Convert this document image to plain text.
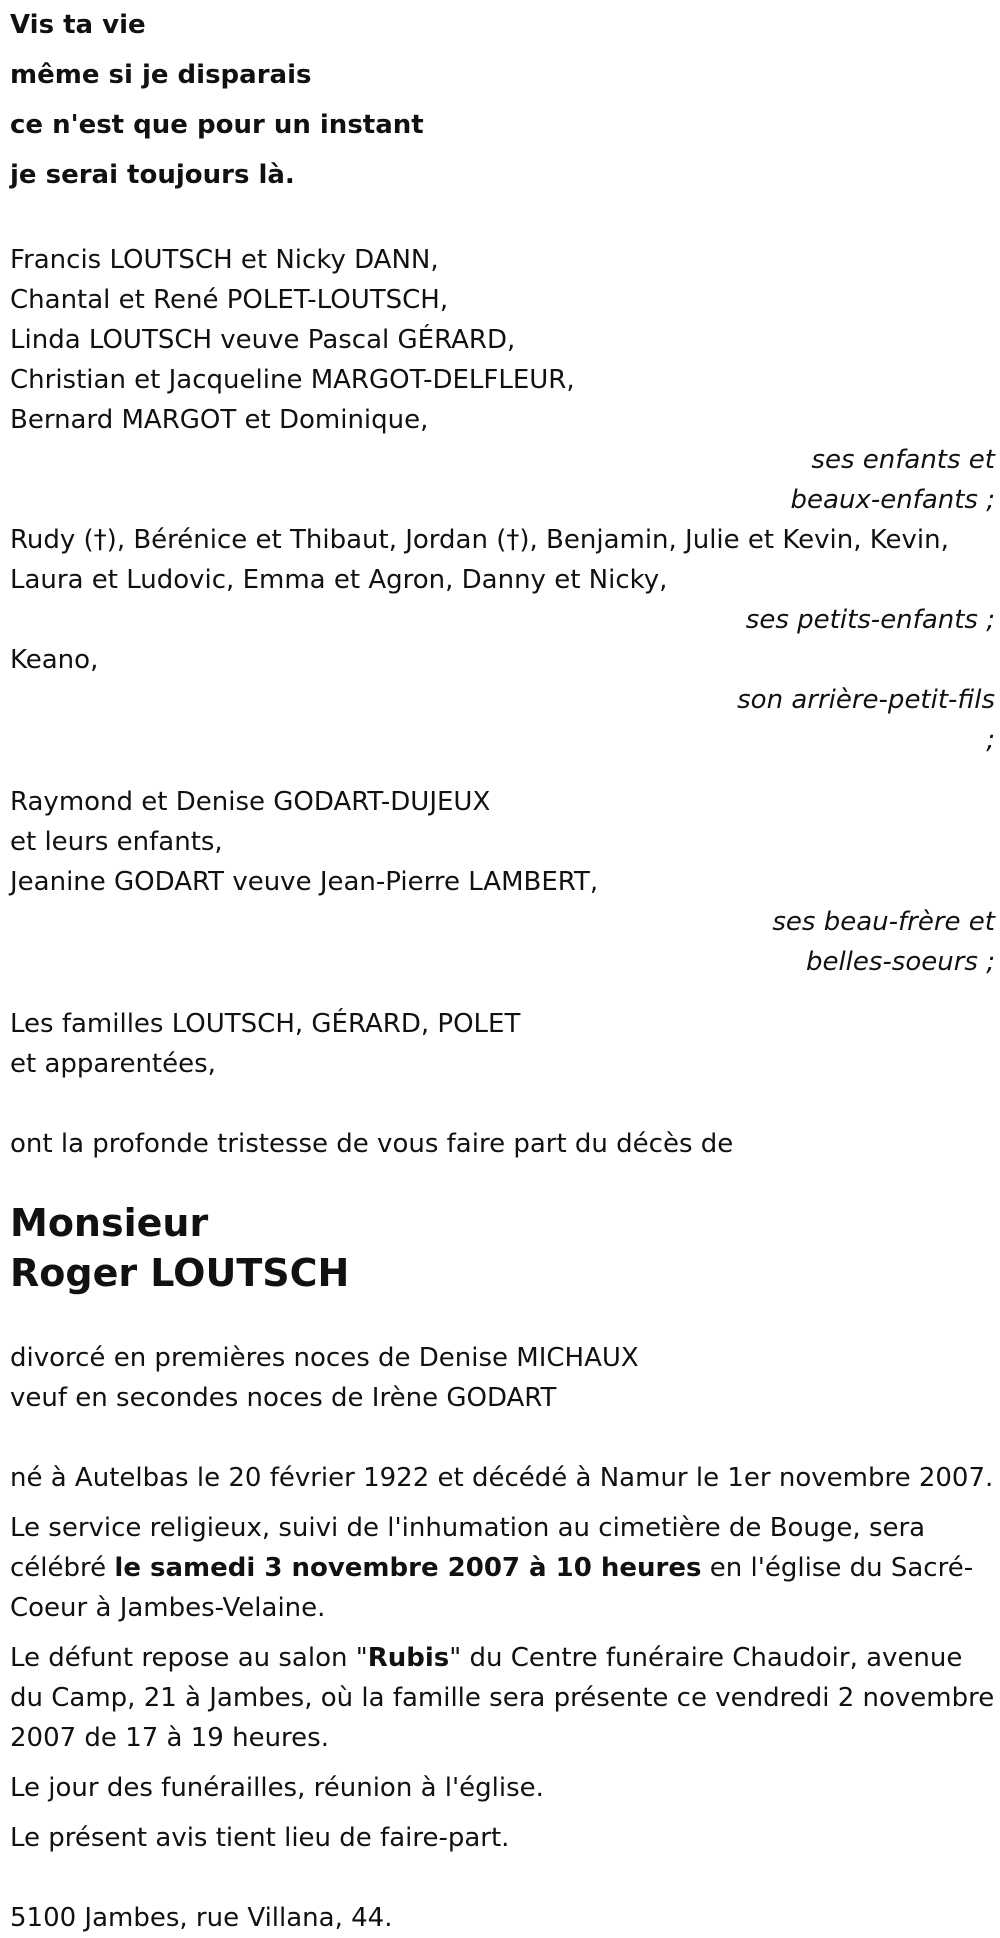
Vis ta vie
même si je disparais
ce n'est que pour un instant
je serai toujours là.
Francis LOUTSCH et Nicky DANN,
Chantal et René POLET-LOUTSCH,
Linda LOUTSCH veuve Pascal GÉRARD,
Christian et Jacqueline MARGOT-DELFLEUR,
Bernard MARGOT et Dominique,
ses enfants et
beaux-enfants ;
Rudy (†), Bérénice et Thibaut, Jordan (†), Benjamin, Julie et Kevin, Kevin,
Laura et Ludovic, Emma et Agron, Danny et Nicky,
ses petits-enfants ;
Keano,
son arrière-petit-fils
;
Raymond et Denise GODART-DUJEUX
et leurs enfants,
Jeanine GODART veuve Jean-Pierre LAMBERT,
ses beau-frère et
belles-soeurs ;
Les familles LOUTSCH, GÉRARD, POLET
et apparentées,
ont la profonde tristesse de vous faire part du décès de
Monsieur
Roger LOUTSCH
divorcé en premières noces de Denise MICHAUX
veuf en secondes noces de Irène GODART

né à Autelbas le 20 février 1922 et décédé à Namur le 1er novembre 2007.

Le service religieux, suivi de l'inhumation au cimetière de Bouge, sera célébré le samedi 3 novembre 2007 à 10 heures en l'église du Sacré-Coeur à Jambes-Velaine.

Le défunt repose au salon "Rubis" du Centre funéraire Chaudoir, avenue du Camp, 21 à Jambes, où la famille sera présente ce vendredi 2 novembre 2007 de 17 à 19 heures.

Le jour des funérailles, réunion à l'église.

Le présent avis tient lieu de faire-part.

5100 Jambes, rue Villana, 44.
